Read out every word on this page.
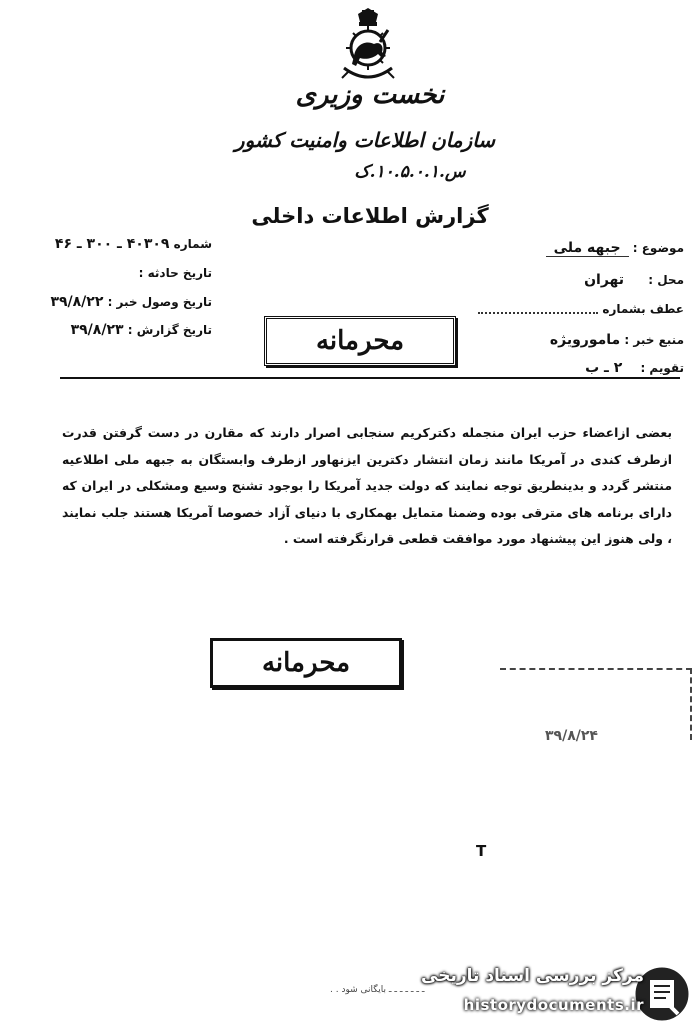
نخست وزیری
سازمان اطلاعات وامنیت کشور
س.۱۰.۵.۰.۱.ک
گزارش اطلاعات داخلی
شماره ۴۰۳۰۹ ـ ۳۰۰ ـ ۴۶
تاریخ حادثه :
تاریخ وصول خبر : ۳۹/۸/۲۲
تاریخ گزارش : ۳۹/۸/۲۳
موضوع : جبهه ملی
محل : تهران
عطف بشماره
منبع خبر : مامورویژه
تقویم : ۲ ـ ب
محرمانه
بعضی ازاعضاء حزب ایران منجمله دکترکریم سنجابی اصرار دارند که مقارن در دست گرفتن قدرت ازطرف کندی در آمریکا مانند زمان انتشار دکترین ایزنهاور ازطرف وابستگان به جبهه ملی اطلاعیه منتشر گردد و بدینطریق توجه نمایند که دولت جدید آمریکا را بوجود تشنج وسیع ومشکلی در ایران که دارای برنامه های مترقی بوده وضمنا متمایل بهمکاری با دنیای آزاد خصوصا آمریکا هستند جلب نمایند ، ولی هنوز این پیشنهاد مورد موافقت قطعی قرارنگرفته است .
محرمانه
۳۹/۸/۲۴
T
ـ ـ ـ ـ ـ ـ ـ بایگانی شود . .
مرکز بررسی اسناد تاریخی
historydocuments.ir
